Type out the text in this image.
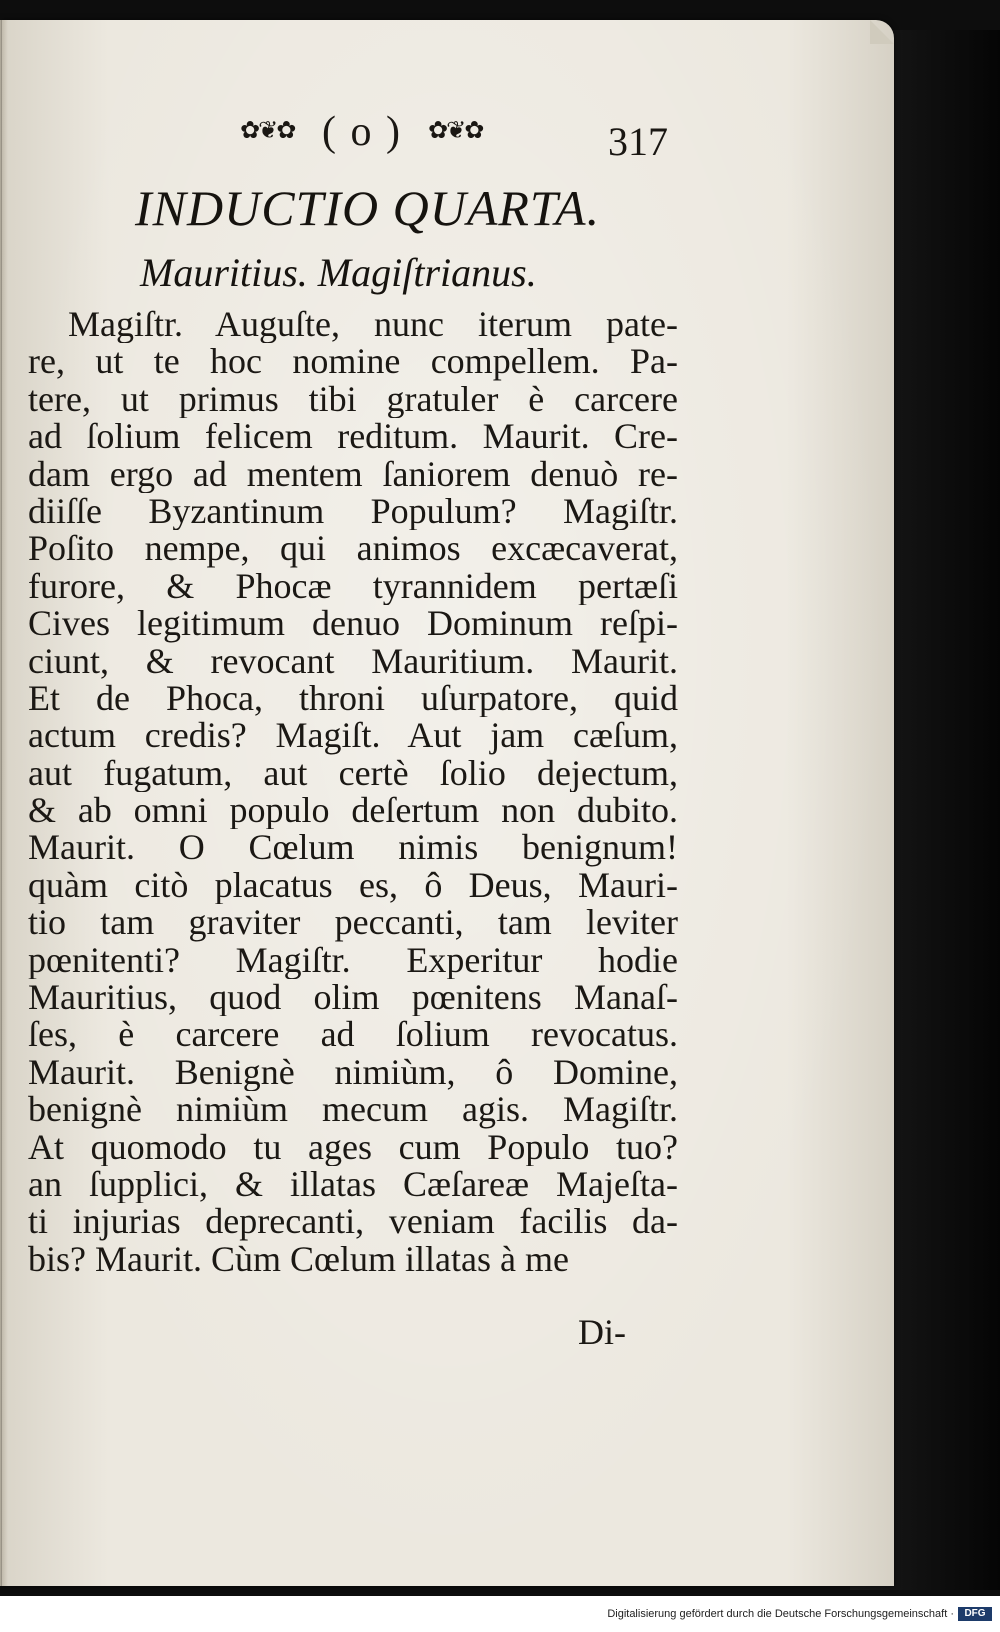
✿❦✿ ( o )	✿❦✿	317
INDUCTIO QUARTA.
Mauritius. Magiſtrianus.
Magiſtr. Auguſte, nunc iterum pate-
re, ut te hoc nomine compellem. Pa-
tere, ut primus tibi gratuler è carcere
ad ſolium felicem reditum. Maurit. Cre-
dam ergo ad mentem ſaniorem denuò re-
diiſſe Byzantinum Populum? Magiſtr.
Poſito nempe, qui animos excæcaverat,
furore, & Phocæ tyrannidem pertæſi
Cives legitimum denuo Dominum reſpi-
ciunt, & revocant Mauritium. Maurit.
Et de Phoca, throni uſurpatore, quid
actum credis? Magiſt. Aut jam cæſum,
aut fugatum, aut certè ſolio dejectum,
& ab omni populo deſertum non dubito.
Maurit. O Cœlum nimis benignum!
quàm citò placatus es, ô Deus, Mauri-
tio tam graviter peccanti, tam leviter
pœnitenti? Magiſtr. Experitur hodie
Mauritius, quod olim pœnitens Manaſ-
ſes, è carcere ad ſolium revocatus.
Maurit. Benignè nimiùm, ô Domine,
benignè nimiùm mecum agis. Magiſtr.
At quomodo tu ages cum Populo tuo?
an ſupplici, & illatas Cæſareæ Majeſta-
ti injurias deprecanti, veniam facilis da-
bis? Maurit. Cùm Cœlum illatas à me
Di-
Digitalisierung gefördert durch die Deutsche Forschungsgemeinschaft ·	DFG
